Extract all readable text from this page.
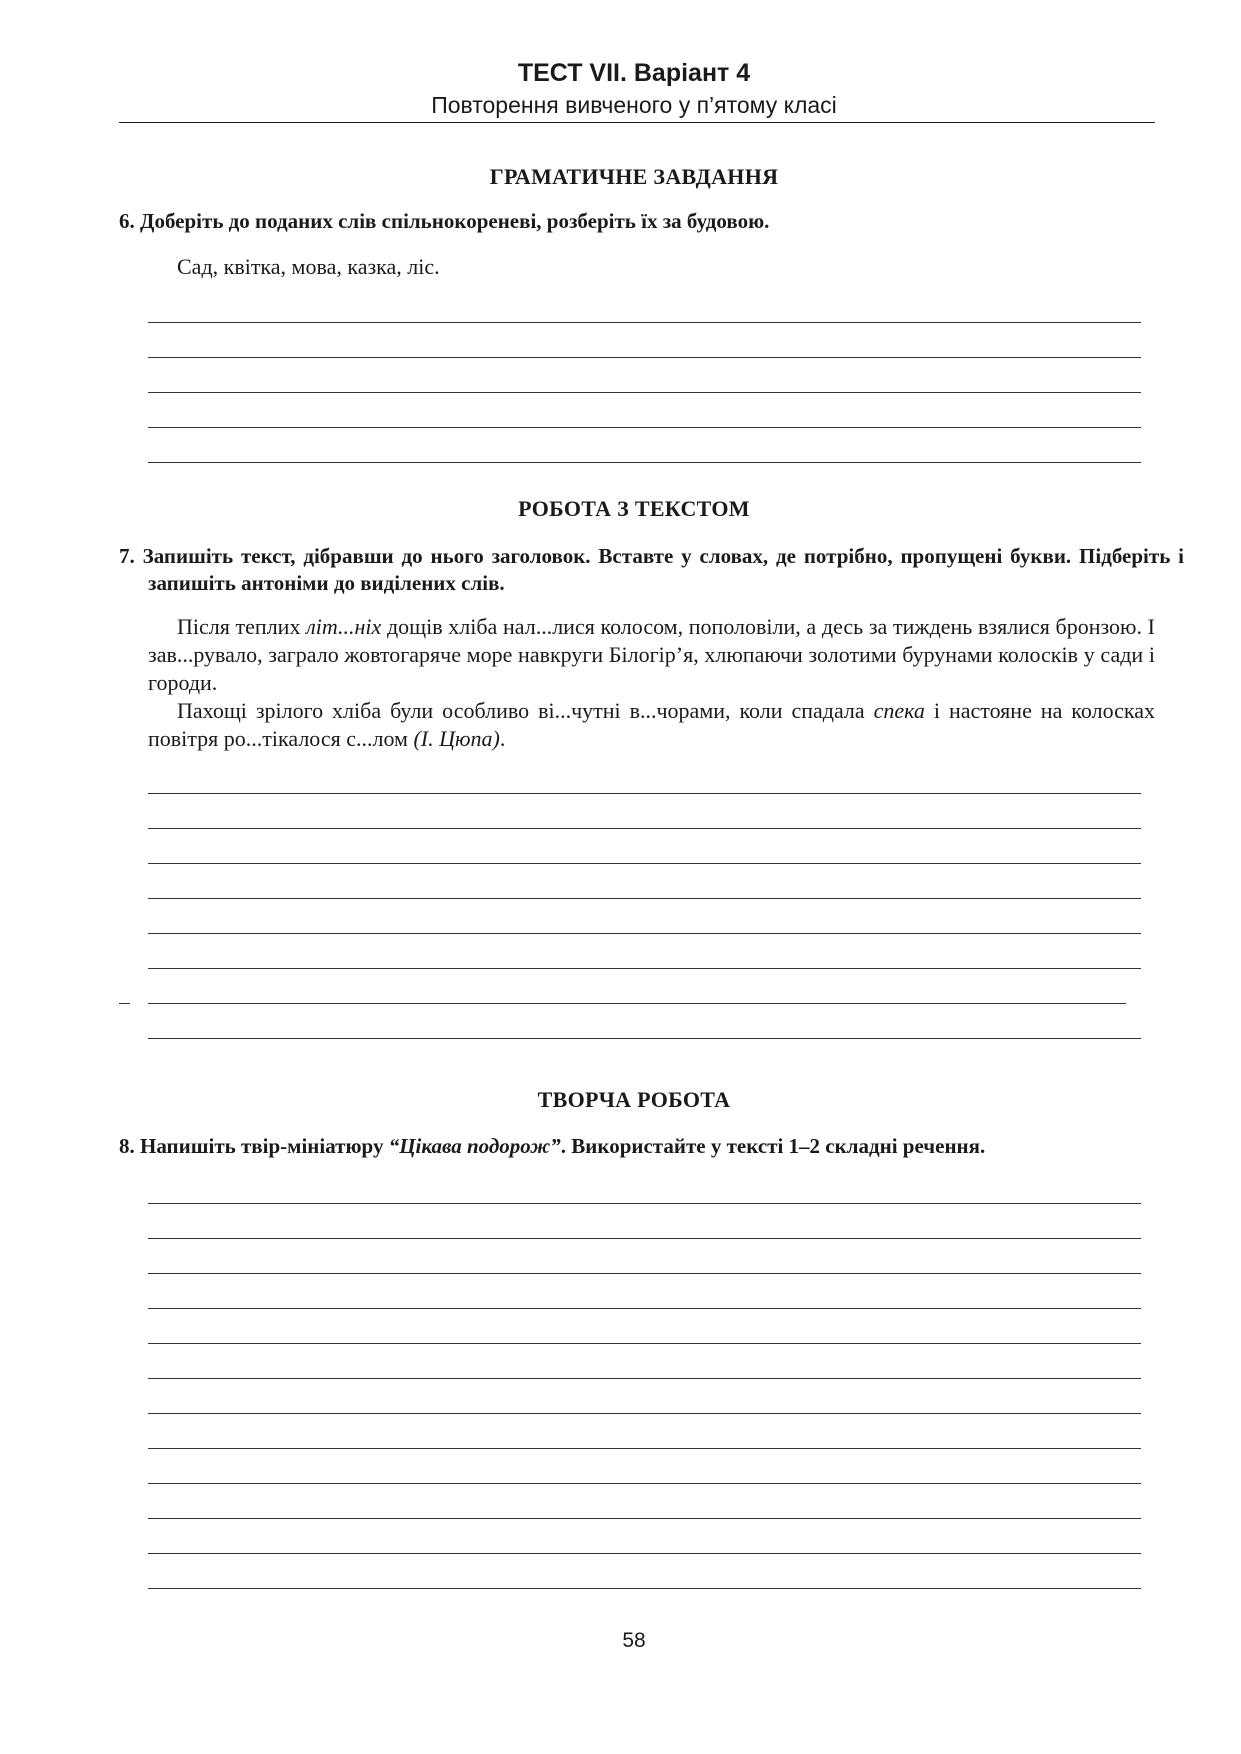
ТЕСТ VII. Варіант 4
Повторення вивченого у п’ятому класі
ГРАМАТИЧНЕ ЗАВДАННЯ
6. Доберіть до поданих слів спільнокореневі, розберіть їх за будовою.
Сад, квітка, мова, казка, ліс.
РОБОТА З ТЕКСТОМ
7. Запишіть текст, дібравши до нього заголовок. Вставте у словах, де потрібно, пропущені букви. Підберіть і запишіть антоніми до виділених слів.

Після теплих літ...ніх дощів хліба нал...лися колосом, пополовіли, а десь за тиждень взялися бронзою. І зав...рувало, заграло жовтогаряче море навкруги Білогір’я, хлюпаючи золотими бурунами колосків у сади і городи.

Пахощі зрілого хліба були особливо ві...чутні в...чорами, коли спадала спека і настояне на колосках повітря ро...тікалося с...лом (І. Цюпа).

ТВОРЧА РОБОТА
8. Напишіть твір-мініатюру “Цікава подорож”. Використайте у тексті 1–2 складні речення.
58
